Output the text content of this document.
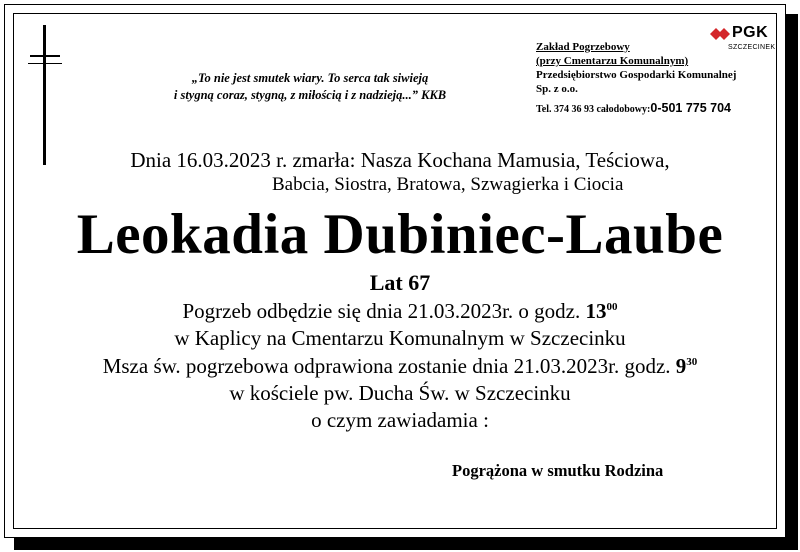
„To nie jest smutek wiary. To serca tak siwieją
i stygną coraz, stygną, z miłością i z nadzieją...” KKB
PGK
SZCZECINEK
Zakład Pogrzebowy
(przy Cmentarzu Komunalnym)
Przedsiębiorstwo Gospodarki Komunalnej
Sp. z o.o.
Tel. 374 36 93 całodobowy:0-501 775 704
Dnia 16.03.2023 r. zmarła: Nasza Kochana Mamusia, Teściowa,
Babcia, Siostra, Bratowa, Szwagierka i Ciocia
Leokadia Dubiniec-Laube
Lat 67
Pogrzeb odbędzie się dnia 21.03.2023r. o godz. $13^{00}$
w Kaplicy na Cmentarzu Komunalnym w Szczecinku
Msza św. pogrzebowa odprawiona zostanie dnia 21.03.2023r. godz. $9^{30}$
w kościele pw. Ducha Św. w Szczecinku
o czym zawiadamia :
Pogrążona w smutku Rodzina
